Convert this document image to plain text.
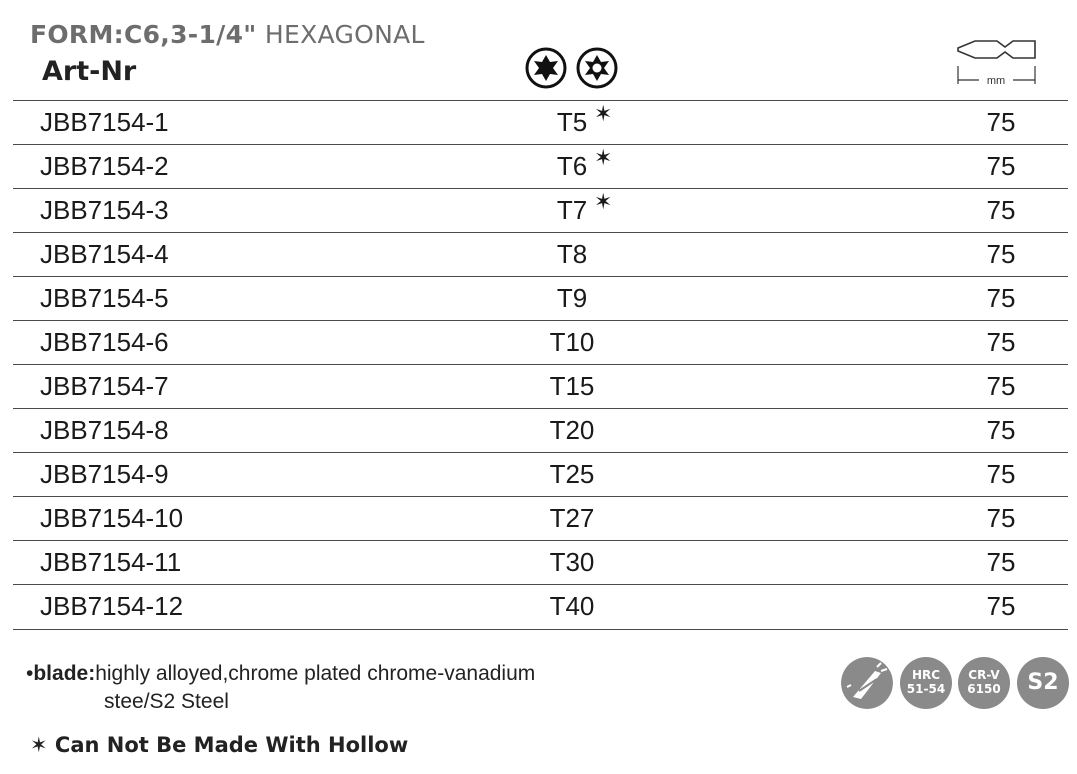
FORM:C6,3-1/4" HEXAGONAL
Art-Nr	mm
JBB7154-1	T5	75
✶
JBB7154-2	T6	75
✶
JBB7154-3	T7	75
✶
JBB7154-4	T8	75
JBB7154-5	T9	75
JBB7154-6	T10	75
JBB7154-7	T15	75
JBB7154-8	T20	75
JBB7154-9	T25	75
JBB7154-10	T27	75
JBB7154-11	T30	75
JBB7154-12	T40	75
•blade:highly alloyed,chrome plated chrome-vanadium
stee/S2 Steel
✶ Can Not Be Made With Hollow
HRC
51-54
CR-V
6150	S2
